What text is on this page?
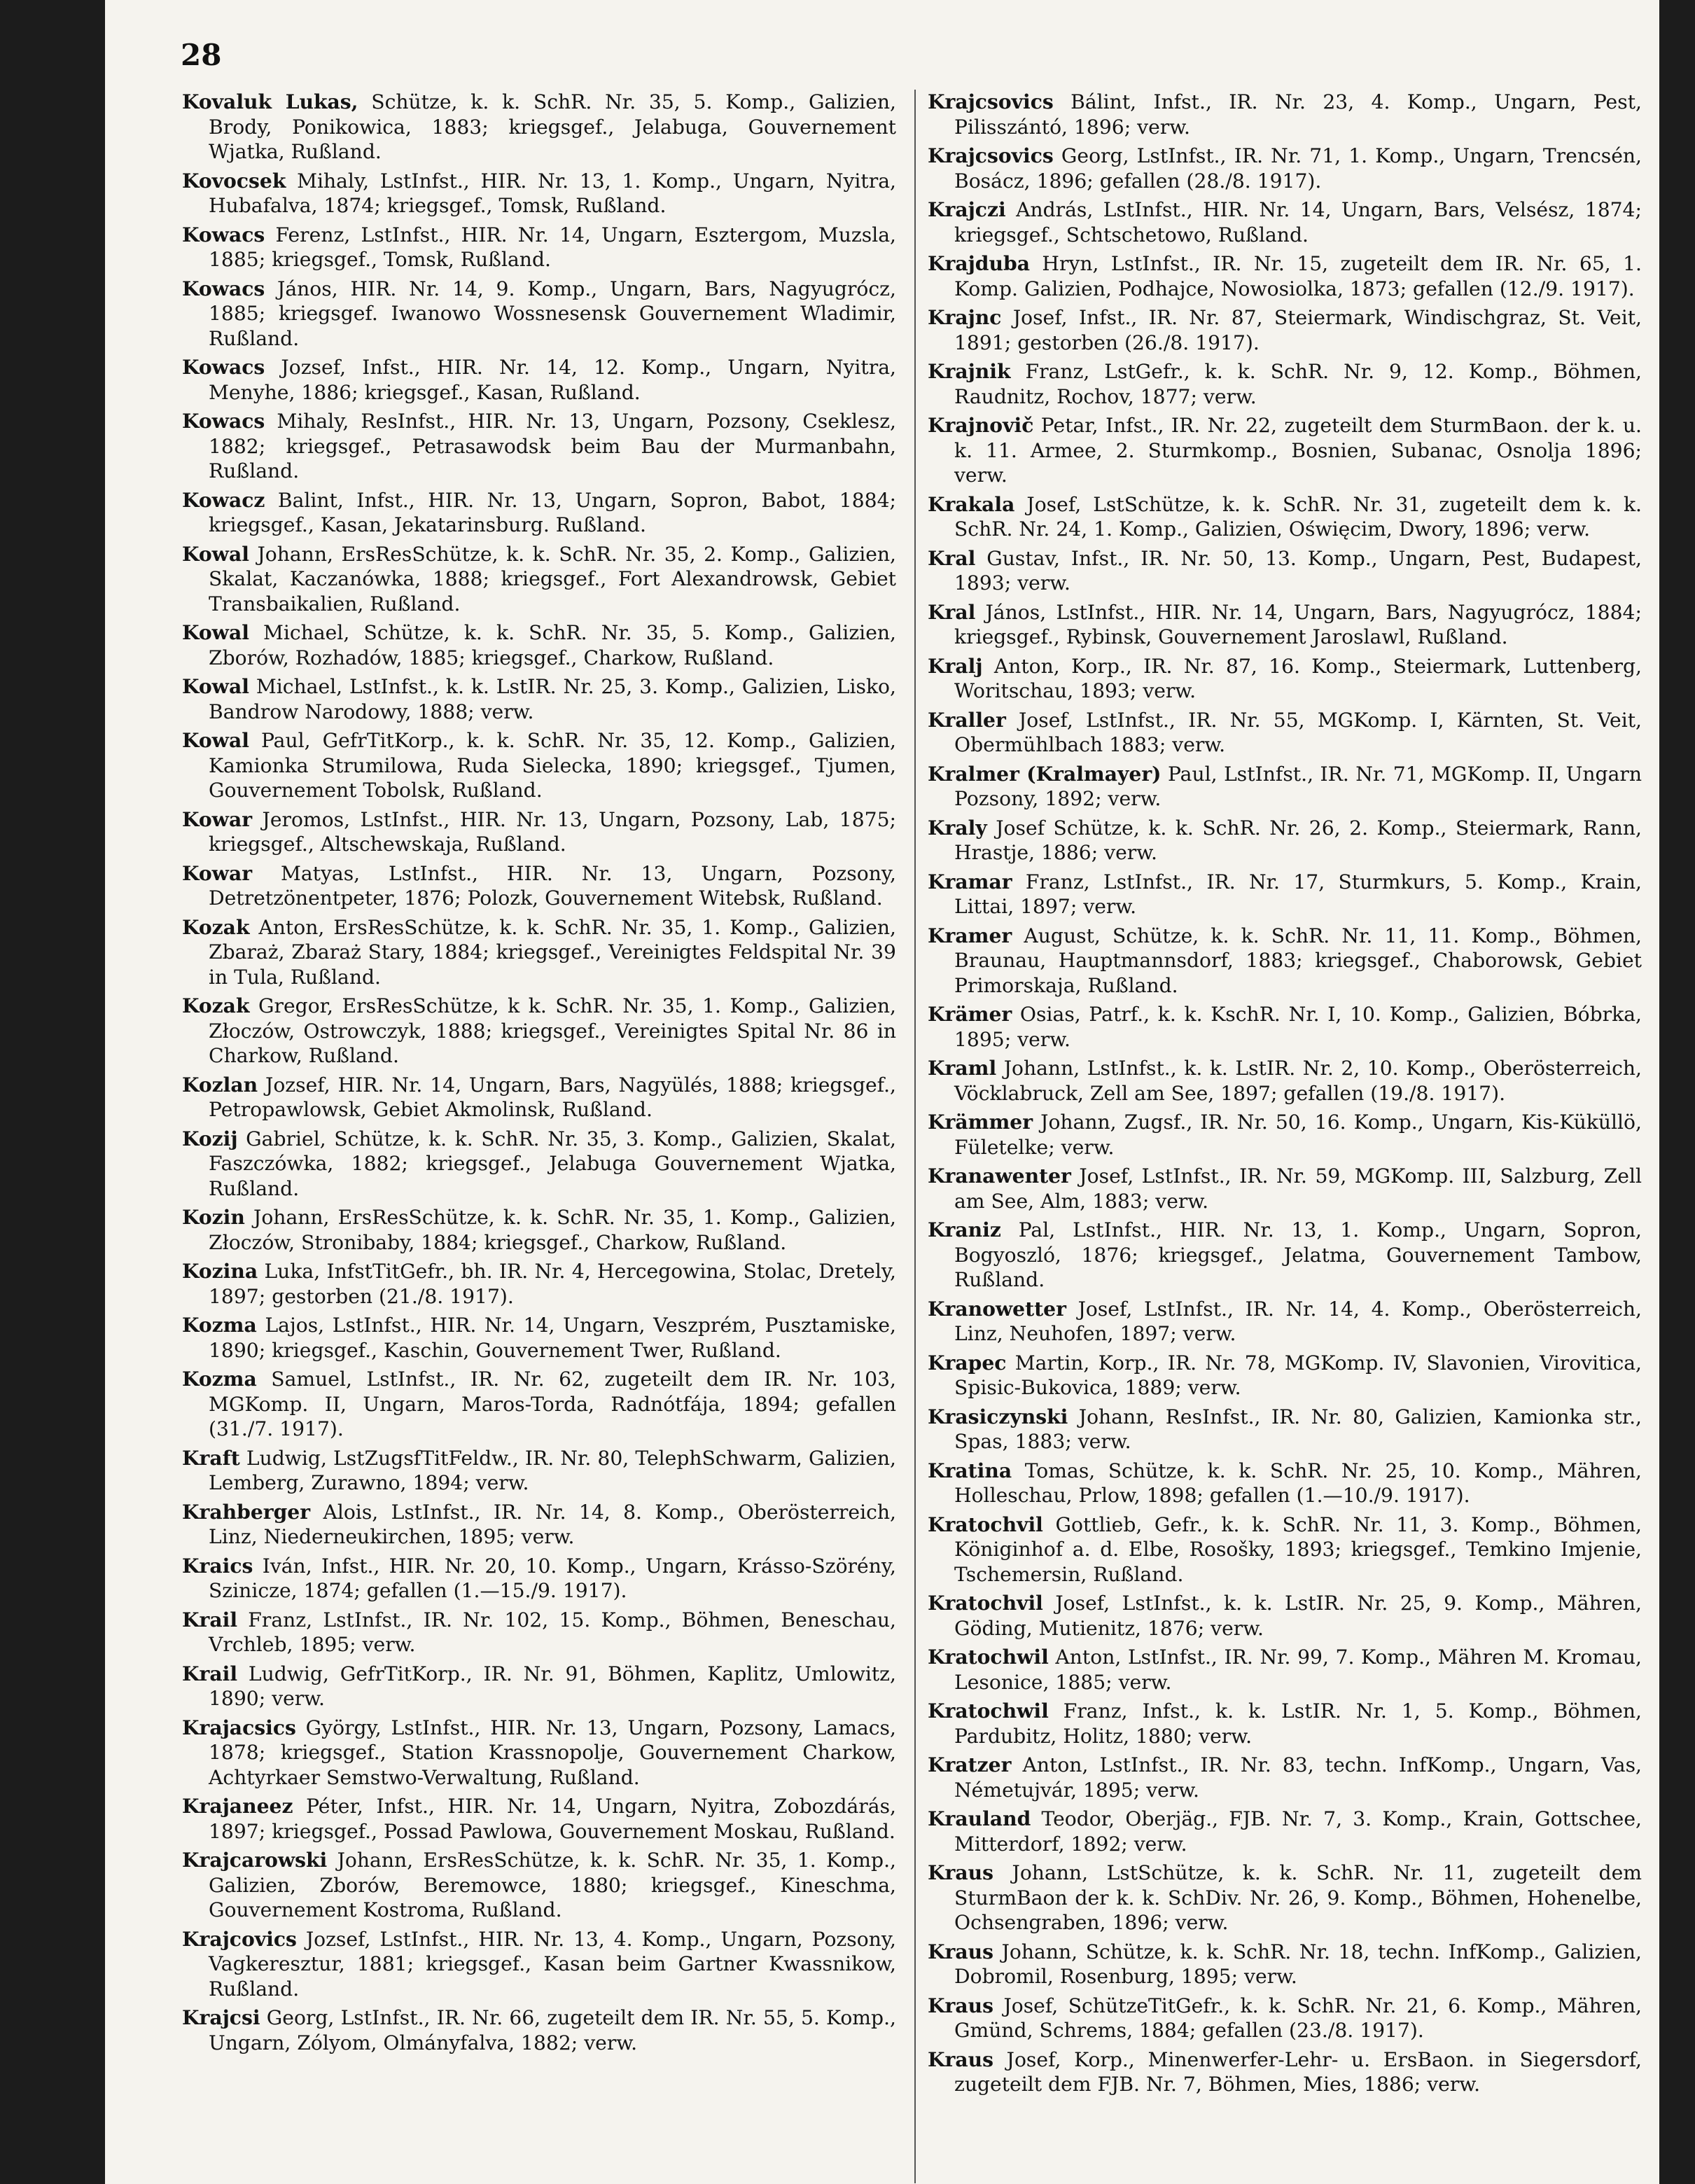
28

Kovaluk Lukas, Schütze, k. k. SchR. Nr. 35, 5. Komp., Galizien, Brody, Ponikowica, 1883; kriegsgef., Jelabuga, Gouvernement Wjatka, Rußland.

Kovocsek Mihaly, LstInfst., HIR. Nr. 13, 1. Komp., Ungarn, Nyitra, Hubafalva, 1874; kriegsgef., Tomsk, Rußland.

Kowacs Ferenz, LstInfst., HIR. Nr. 14, Ungarn, Esztergom, Muzsla, 1885; kriegsgef., Tomsk, Rußland.

Kowacs János, HIR. Nr. 14, 9. Komp., Ungarn, Bars, Nagyugrócz, 1885; kriegsgef. Iwanowo Wossnesensk Gouvernement Wladimir, Rußland.

Kowacs Jozsef, Infst., HIR. Nr. 14, 12. Komp., Ungarn, Nyitra, Menyhe, 1886; kriegsgef., Kasan, Rußland.

Kowacs Mihaly, ResInfst., HIR. Nr. 13, Ungarn, Pozsony, Cseklesz, 1882; kriegsgef., Petrasawodsk beim Bau der Murmanbahn, Rußland.

Kowacz Balint, Infst., HIR. Nr. 13, Ungarn, Sopron, Babot, 1884; kriegsgef., Kasan, Jekatarinsburg. Rußland.

Kowal Johann, ErsResSchütze, k. k. SchR. Nr. 35, 2. Komp., Galizien, Skalat, Kaczanówka, 1888; kriegsgef., Fort Alexandrowsk, Gebiet Transbaikalien, Rußland.

Kowal Michael, Schütze, k. k. SchR. Nr. 35, 5. Komp., Galizien, Zborów, Rozhadów, 1885; kriegsgef., Charkow, Rußland.

Kowal Michael, LstInfst., k. k. LstIR. Nr. 25, 3. Komp., Galizien, Lisko, Bandrow Narodowy, 1888; verw.

Kowal Paul, GefrTitKorp., k. k. SchR. Nr. 35, 12. Komp., Galizien, Kamionka Strumilowa, Ruda Sielecka, 1890; kriegsgef., Tjumen, Gouvernement Tobolsk, Rußland.

Kowar Jeromos, LstInfst., HIR. Nr. 13, Ungarn, Pozsony, Lab, 1875; kriegsgef., Altschewskaja, Rußland.

Kowar Matyas, LstInfst., HIR. Nr. 13, Ungarn, Pozsony, Detretzönentpeter, 1876; Polozk, Gouvernement Witebsk, Rußland.

Kozak Anton, ErsResSchütze, k. k. SchR. Nr. 35, 1. Komp., Galizien, Zbaraż, Zbaraż Stary, 1884; kriegsgef., Vereinigtes Feldspital Nr. 39 in Tula, Rußland.

Kozak Gregor, ErsResSchütze, k k. SchR. Nr. 35, 1. Komp., Galizien, Złoczów, Ostrowczyk, 1888; kriegsgef., Vereinigtes Spital Nr. 86 in Charkow, Rußland.

Kozlan Jozsef, HIR. Nr. 14, Ungarn, Bars, Nagyülés, 1888; kriegsgef., Petropawlowsk, Gebiet Akmolinsk, Rußland.

Kozij Gabriel, Schütze, k. k. SchR. Nr. 35, 3. Komp., Galizien, Skalat, Faszczówka, 1882; kriegsgef., Jelabuga Gouvernement Wjatka, Rußland.

Kozin Johann, ErsResSchütze, k. k. SchR. Nr. 35, 1. Komp., Galizien, Złoczów, Stronibaby, 1884; kriegsgef., Charkow, Rußland.

Kozina Luka, InfstTitGefr., bh. IR. Nr. 4, Hercegowina, Stolac, Dretely, 1897; gestorben (21./8. 1917).

Kozma Lajos, LstInfst., HIR. Nr. 14, Ungarn, Veszprém, Pusztamiske, 1890; kriegsgef., Kaschin, Gouvernement Twer, Rußland.

Kozma Samuel, LstInfst., IR. Nr. 62, zugeteilt dem IR. Nr. 103, MGKomp. II, Ungarn, Maros-Torda, Radnótfája, 1894; gefallen (31./7. 1917).

Kraft Ludwig, LstZugsfTitFeldw., IR. Nr. 80, TelephSchwarm, Galizien, Lemberg, Zurawno, 1894; verw.

Krahberger Alois, LstInfst., IR. Nr. 14, 8. Komp., Oberösterreich, Linz, Niederneukirchen, 1895; verw.

Kraics Iván, Infst., HIR. Nr. 20, 10. Komp., Ungarn, Krásso-Szörény, Szinicze, 1874; gefallen (1.—15./9. 1917).

Krail Franz, LstInfst., IR. Nr. 102, 15. Komp., Böhmen, Beneschau, Vrchleb, 1895; verw.

Krail Ludwig, GefrTitKorp., IR. Nr. 91, Böhmen, Kaplitz, Umlowitz, 1890; verw.

Krajacsics György, LstInfst., HIR. Nr. 13, Ungarn, Pozsony, Lamacs, 1878; kriegsgef., Station Krassnopolje, Gouvernement Charkow, Achtyrkaer Semstwo-Verwaltung, Rußland.

Krajaneez Péter, Infst., HIR. Nr. 14, Ungarn, Nyitra, Zobozdárás, 1897; kriegsgef., Possad Pawlowa, Gouvernement Moskau, Rußland.

Krajcarowski Johann, ErsResSchütze, k. k. SchR. Nr. 35, 1. Komp., Galizien, Zborów, Beremowce, 1880; kriegsgef., Kineschma, Gouvernement Kostroma, Rußland.

Krajcovics Jozsef, LstInfst., HIR. Nr. 13, 4. Komp., Ungarn, Pozsony, Vagkeresztur, 1881; kriegsgef., Kasan beim Gartner Kwassnikow, Rußland.

Krajcsi Georg, LstInfst., IR. Nr. 66, zugeteilt dem IR. Nr. 55, 5. Komp., Ungarn, Zólyom, Olmányfalva, 1882; verw.

Krajcsovics Bálint, Infst., IR. Nr. 23, 4. Komp., Ungarn, Pest, Pilisszántó, 1896; verw.

Krajcsovics Georg, LstInfst., IR. Nr. 71, 1. Komp., Ungarn, Trencsén, Bosácz, 1896; gefallen (28./8. 1917).

Krajczi András, LstInfst., HIR. Nr. 14, Ungarn, Bars, Velsész, 1874; kriegsgef., Schtschetowo, Rußland.

Krajduba Hryn, LstInfst., IR. Nr. 15, zugeteilt dem IR. Nr. 65, 1. Komp. Galizien, Podhajce, Nowosiolka, 1873; gefallen (12./9. 1917).

Krajnc Josef, Infst., IR. Nr. 87, Steiermark, Windischgraz, St. Veit, 1891; gestorben (26./8. 1917).

Krajnik Franz, LstGefr., k. k. SchR. Nr. 9, 12. Komp., Böhmen, Raudnitz, Rochov, 1877; verw.

Krajnovič Petar, Infst., IR. Nr. 22, zugeteilt dem SturmBaon. der k. u. k. 11. Armee, 2. Sturmkomp., Bosnien, Subanac, Osnolja 1896; verw.

Krakala Josef, LstSchütze, k. k. SchR. Nr. 31, zugeteilt dem k. k. SchR. Nr. 24, 1. Komp., Galizien, Oświęcim, Dwory, 1896; verw.

Kral Gustav, Infst., IR. Nr. 50, 13. Komp., Ungarn, Pest, Budapest, 1893; verw.

Kral János, LstInfst., HIR. Nr. 14, Ungarn, Bars, Nagyugrócz, 1884; kriegsgef., Rybinsk, Gouvernement Jaroslawl, Rußland.

Kralj Anton, Korp., IR. Nr. 87, 16. Komp., Steiermark, Luttenberg, Woritschau, 1893; verw.

Kraller Josef, LstInfst., IR. Nr. 55, MGKomp. I, Kärnten, St. Veit, Obermühlbach 1883; verw.

Kralmer (Kralmayer) Paul, LstInfst., IR. Nr. 71, MGKomp. II, Ungarn Pozsony, 1892; verw.

Kraly Josef Schütze, k. k. SchR. Nr. 26, 2. Komp., Steiermark, Rann, Hrastje, 1886; verw.

Kramar Franz, LstInfst., IR. Nr. 17, Sturmkurs, 5. Komp., Krain, Littai, 1897; verw.

Kramer August, Schütze, k. k. SchR. Nr. 11, 11. Komp., Böhmen, Braunau, Hauptmannsdorf, 1883; kriegsgef., Chaborowsk, Gebiet Primorskaja, Rußland.

Krämer Osias, Patrf., k. k. KschR. Nr. I, 10. Komp., Galizien, Bóbrka, 1895; verw.

Kraml Johann, LstInfst., k. k. LstIR. Nr. 2, 10. Komp., Oberösterreich, Vöcklabruck, Zell am See, 1897; gefallen (19./8. 1917).

Krämmer Johann, Zugsf., IR. Nr. 50, 16. Komp., Ungarn, Kis-Küküllö, Fületelke; verw.

Kranawenter Josef, LstInfst., IR. Nr. 59, MGKomp. III, Salzburg, Zell am See, Alm, 1883; verw.

Kraniz Pal, LstInfst., HIR. Nr. 13, 1. Komp., Ungarn, Sopron, Bogyoszló, 1876; kriegsgef., Jelatma, Gouvernement Tambow, Rußland.

Kranowetter Josef, LstInfst., IR. Nr. 14, 4. Komp., Oberösterreich, Linz, Neuhofen, 1897; verw.

Krapec Martin, Korp., IR. Nr. 78, MGKomp. IV, Slavonien, Virovitica, Spisic-Bukovica, 1889; verw.

Krasiczynski Johann, ResInfst., IR. Nr. 80, Galizien, Kamionka str., Spas, 1883; verw.

Kratina Tomas, Schütze, k. k. SchR. Nr. 25, 10. Komp., Mähren, Holleschau, Prlow, 1898; gefallen (1.—10./9. 1917).

Kratochvil Gottlieb, Gefr., k. k. SchR. Nr. 11, 3. Komp., Böhmen, Königinhof a. d. Elbe, Rosošky, 1893; kriegsgef., Temkino Imjenie, Tschemersin, Rußland.

Kratochvil Josef, LstInfst., k. k. LstIR. Nr. 25, 9. Komp., Mähren, Göding, Mutienitz, 1876; verw.

Kratochwil Anton, LstInfst., IR. Nr. 99, 7. Komp., Mähren M. Kromau, Lesonice, 1885; verw.

Kratochwil Franz, Infst., k. k. LstIR. Nr. 1, 5. Komp., Böhmen, Pardubitz, Holitz, 1880; verw.

Kratzer Anton, LstInfst., IR. Nr. 83, techn. InfKomp., Ungarn, Vas, Németujvár, 1895; verw.

Krauland Teodor, Oberjäg., FJB. Nr. 7, 3. Komp., Krain, Gottschee, Mitterdorf, 1892; verw.

Kraus Johann, LstSchütze, k. k. SchR. Nr. 11, zugeteilt dem SturmBaon der k. k. SchDiv. Nr. 26, 9. Komp., Böhmen, Hohenelbe, Ochsengraben, 1896; verw.

Kraus Johann, Schütze, k. k. SchR. Nr. 18, techn. InfKomp., Galizien, Dobromil, Rosenburg, 1895; verw.

Kraus Josef, SchützeTitGefr., k. k. SchR. Nr. 21, 6. Komp., Mähren, Gmünd, Schrems, 1884; gefallen (23./8. 1917).

Kraus Josef, Korp., Minenwerfer-Lehr- u. ErsBaon. in Siegersdorf, zugeteilt dem FJB. Nr. 7, Böhmen, Mies, 1886; verw.
